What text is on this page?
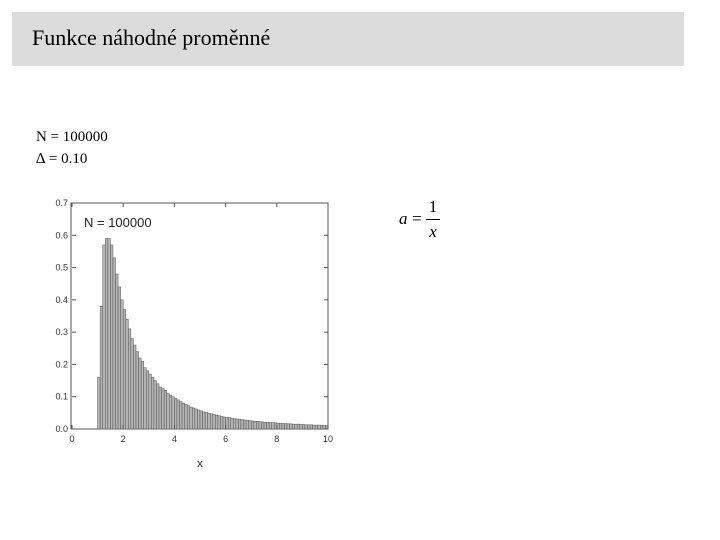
Funkce náhodné proměnné
N = 100000
∆ = 0.10
0.0
0.1
0.2
0.3
0.4
0.5
0.6
0.7
0	2	4	6	8	10
N = 100000
x
a =
1
x
